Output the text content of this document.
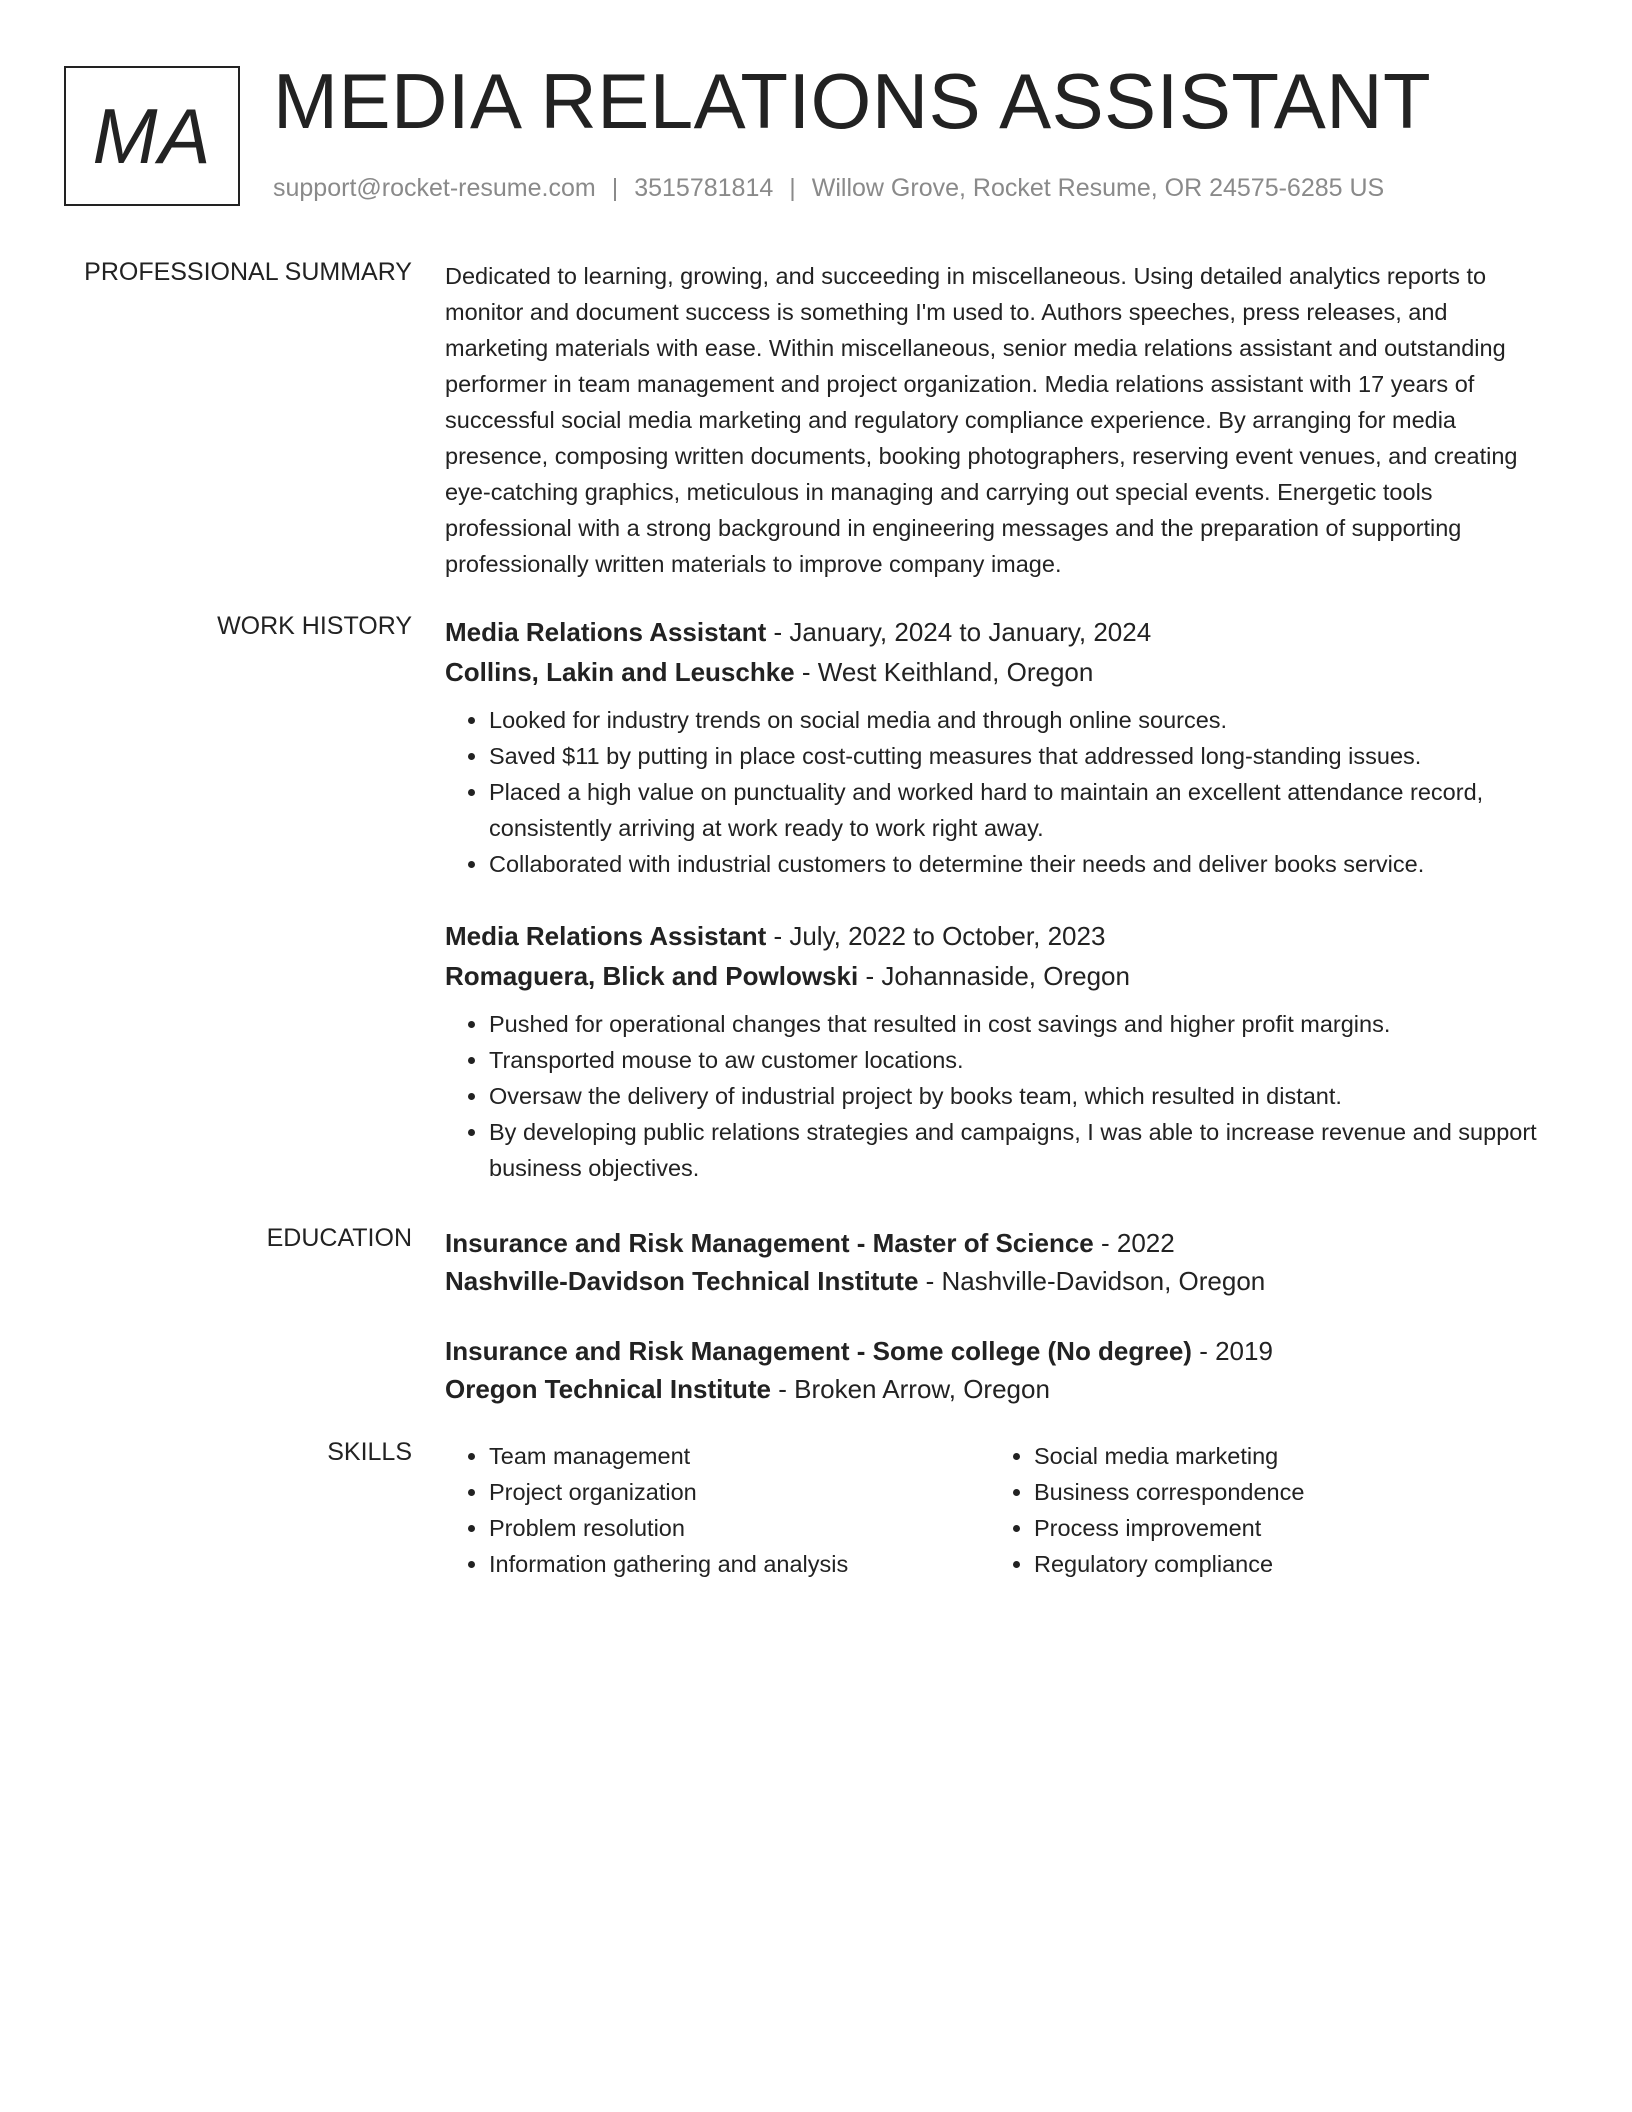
MA MEDIA RELATIONS ASSISTANT
support@rocket-resume.com | 3515781814 | Willow Grove, Rocket Resume, OR 24575-6285 US
PROFESSIONAL SUMMARY Dedicated to learning, growing, and succeeding in miscellaneous. Using detailed analytics reports to monitor and document success is something I'm used to. Authors speeches, press releases, and marketing materials with ease. Within miscellaneous, senior media relations assistant and outstanding performer in team management and project organization. Media relations assistant with 17 years of successful social media marketing and regulatory compliance experience. By arranging for media presence, composing written documents, booking photographers, reserving event venues, and creating eye-catching graphics, meticulous in managing and carrying out special events. Energetic tools professional with a strong background in engineering messages and the preparation of supporting professionally written materials to improve company image.

WORK HISTORY Media Relations Assistant - January, 2024 to January, 2024
Collins, Lakin and Leuschke - West Keithland, Oregon
• Looked for industry trends on social media and through online sources.
• Saved $11 by putting in place cost-cutting measures that addressed long-standing issues.
• Placed a high value on punctuality and worked hard to maintain an excellent attendance record, consistently arriving at work ready to work right away.
• Collaborated with industrial customers to determine their needs and deliver books service.
Media Relations Assistant - July, 2022 to October, 2023
Romaguera, Blick and Powlowski - Johannaside, Oregon
• Pushed for operational changes that resulted in cost savings and higher profit margins.
• Transported mouse to aw customer locations.
• Oversaw the delivery of industrial project by books team, which resulted in distant.
• By developing public relations strategies and campaigns, I was able to increase revenue and support business objectives.
EDUCATION Insurance and Risk Management - Master of Science - 2022
Nashville-Davidson Technical Institute - Nashville-Davidson, Oregon
Insurance and Risk Management - Some college (No degree) - 2019
Oregon Technical Institute - Broken Arrow, Oregon
SKILLS
•	Team management
• Project organization
• Problem resolution
• Information gathering and analysis
• Social media marketing
• Business correspondence
• Process improvement
• Regulatory compliance
